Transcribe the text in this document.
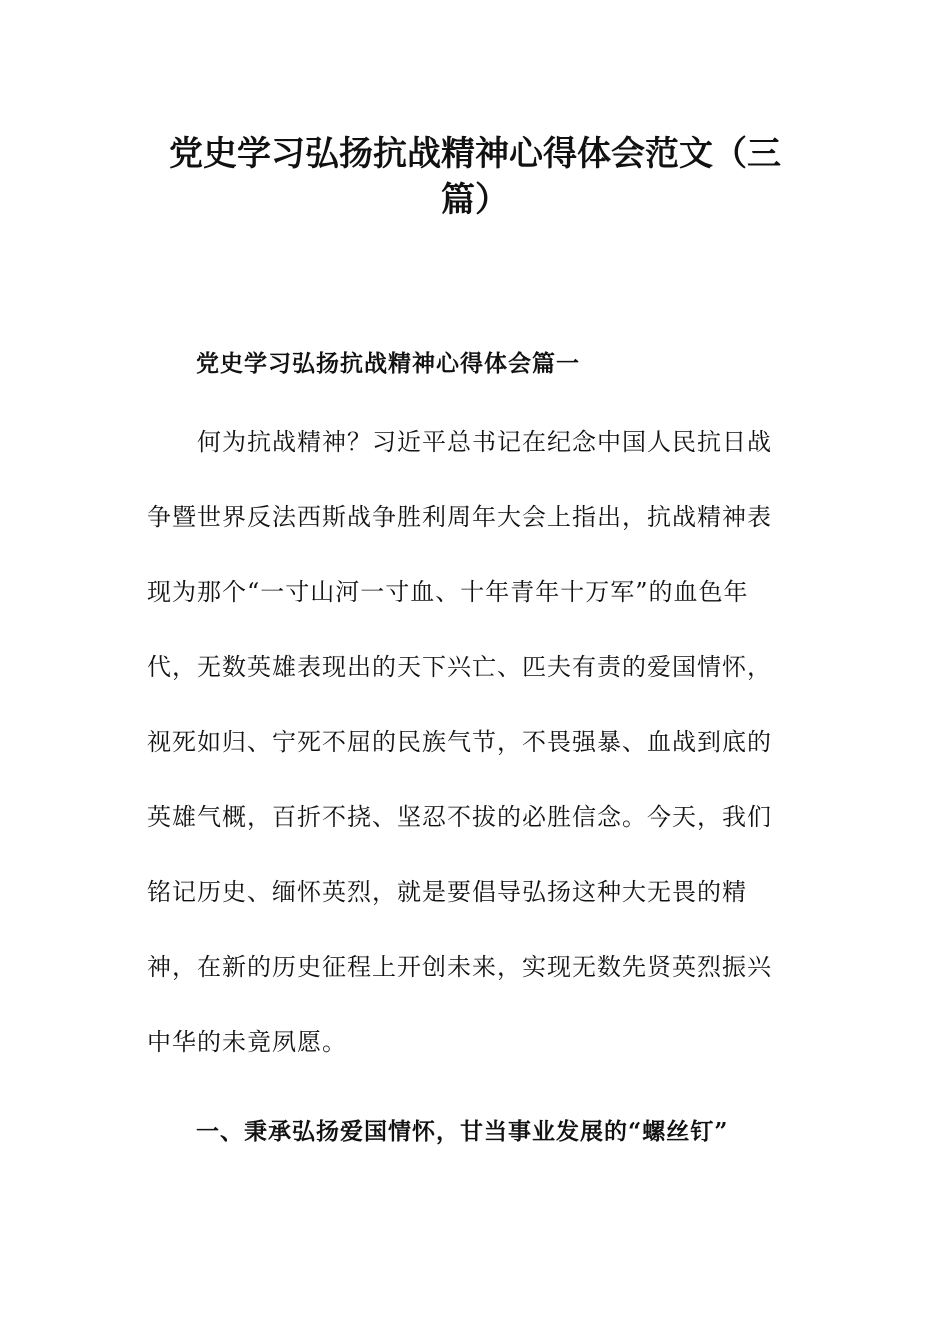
党史学习弘扬抗战精神心得体会范文（三
篇）
党史学习弘扬抗战精神心得体会篇一
何为抗战精神？习近平总书记在纪念中国人民抗日战
争暨世界反法西斯战争胜利周年大会上指出，抗战精神表
现为那个“一寸山河一寸血、十年青年十万军”的血色年
代，无数英雄表现出的天下兴亡、匹夫有责的爱国情怀，
视死如归、宁死不屈的民族气节，不畏强暴、血战到底的
英雄气概，百折不挠、坚忍不拔的必胜信念。今天，我们
铭记历史、缅怀英烈，就是要倡导弘扬这种大无畏的精
神，在新的历史征程上开创未来，实现无数先贤英烈振兴
中华的未竟夙愿。
一、秉承弘扬爱国情怀，甘当事业发展的“螺丝钉”
